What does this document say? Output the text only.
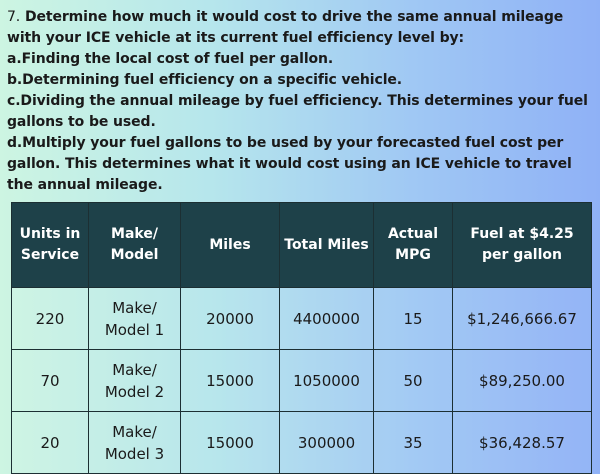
7. Determine how much it would cost to drive the same annual mileage with your ICE vehicle at its current fuel efficiency level by:
a.Finding the local cost of fuel per gallon.
b.Determining fuel efficiency on a specific vehicle.
c.Dividing the annual mileage by fuel efficiency. This determines your fuel gallons to be used.
d.Multiply your fuel gallons to be used by your forecasted fuel cost per gallon. This determines what it would cost using an ICE vehicle to travel the annual mileage.
Units in Service	Make/ Model	Miles	Total Miles	Actual MPG	Fuel at $4.25 per gallon
220	Make/ Model 1	20000	4400000	15	$1,246,666.67
70	Make/ Model 2	15000	1050000	50	$89,250.00
20	Make/ Model 3	15000	300000	35	$36,428.57
